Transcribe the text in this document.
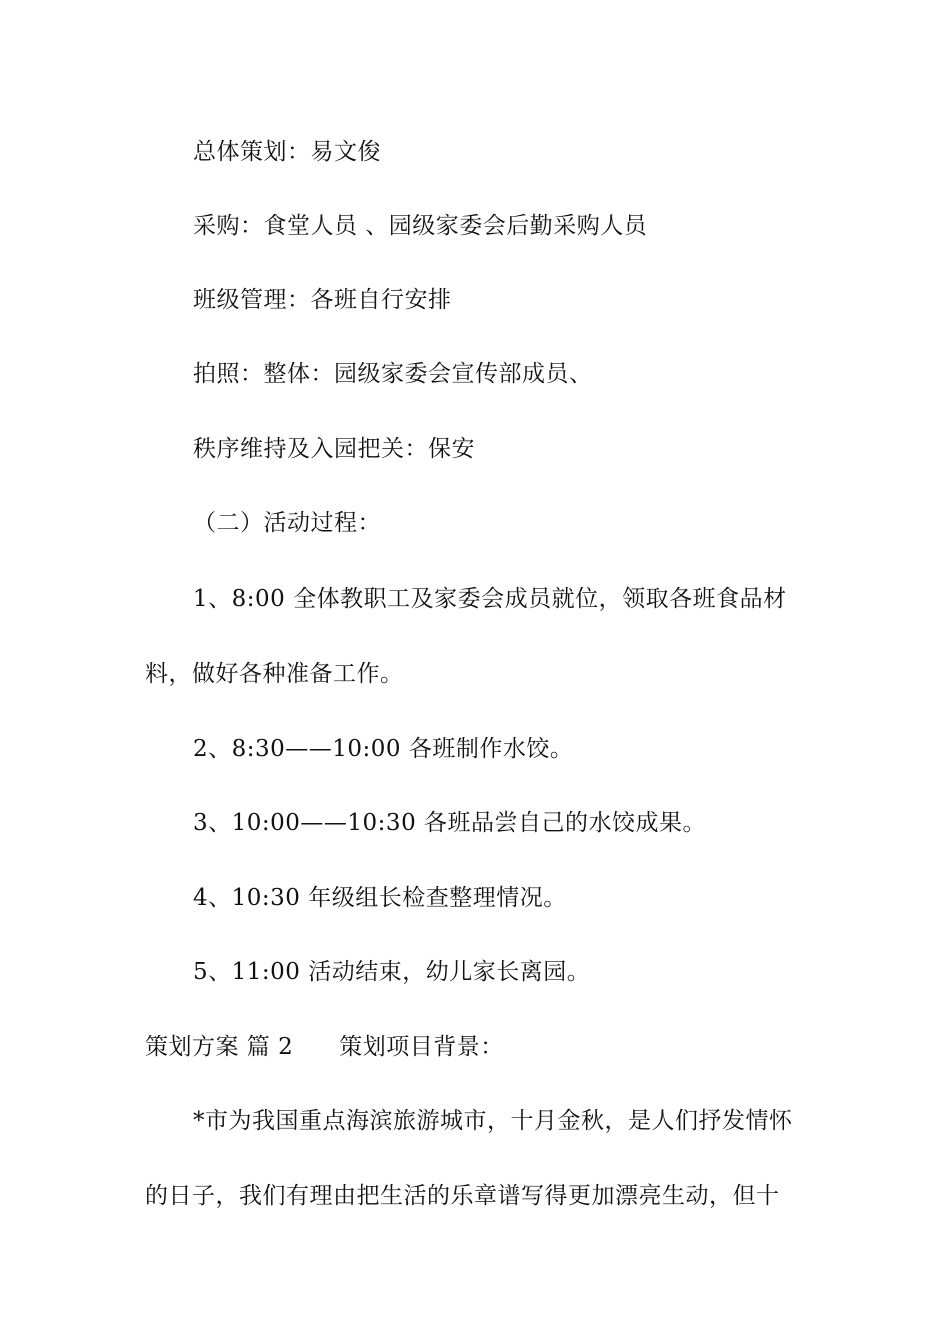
总体策划：易文俊
采购：食堂人员 、园级家委会后勤采购人员
班级管理：各班自行安排
拍照：整体：园级家委会宣传部成员、
秩序维持及入园把关：保安
（二）活动过程：
1、8:00 全体教职工及家委会成员就位，领取各班食品材
料，做好各种准备工作。
2、8:30——10:00 各班制作水饺。
3、10:00——10:30 各班品尝自己的水饺成果。
4、10:30 年级组长检查整理情况。
5、11:00 活动结束，幼儿家长离园。
策划方案 篇 2 策划项目背景：
*市为我国重点海滨旅游城市，十月金秋，是人们抒发情怀
的日子，我们有理由把生活的乐章谱写得更加漂亮生动，但十
